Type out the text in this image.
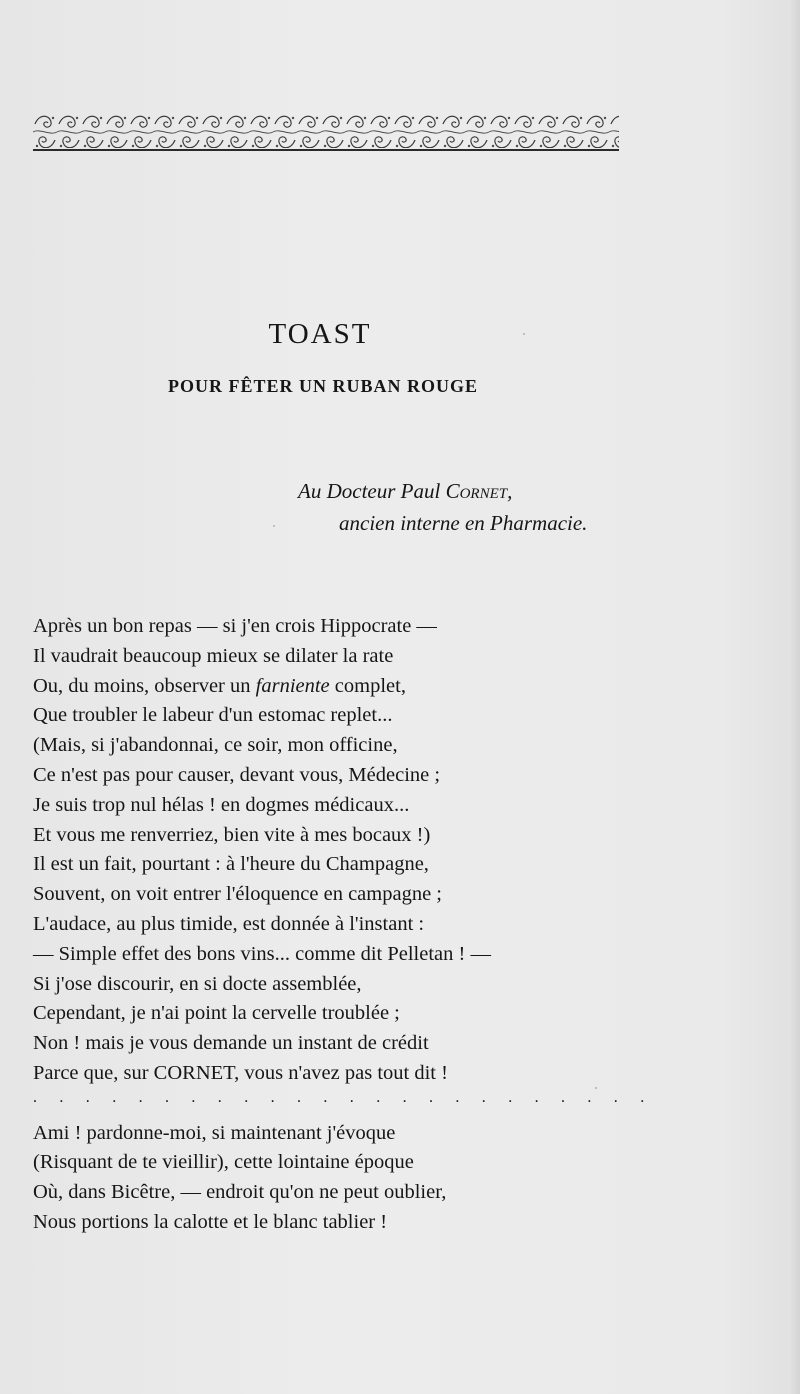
TOAST
POUR FÊTER UN RUBAN ROUGE
Au Docteur Paul Cornet,
ancien interne en Pharmacie.
Après un bon repas — si j'en crois Hippocrate —
Il vaudrait beaucoup mieux se dilater la rate
Ou, du moins, observer un farniente complet,
Que troubler le labeur d'un estomac replet...
(Mais, si j'abandonnai, ce soir, mon officine,
Ce n'est pas pour causer, devant vous, Médecine ;
Je suis trop nul hélas ! en dogmes médicaux...
Et vous me renverriez, bien vite à mes bocaux !)
Il est un fait, pourtant : à l'heure du Champagne,
Souvent, on voit entrer l'éloquence en campagne ;
L'audace, au plus timide, est donnée à l'instant :
— Simple effet des bons vins... comme dit Pelletan ! —
Si j'ose discourir, en si docte assemblée,
Cependant, je n'ai point la cervelle troublée ;
Non ! mais je vous demande un instant de crédit
Parce que, sur CORNET, vous n'avez pas tout dit !
. . . . . . . . . . . . . . . . . . . . . . . .
Ami ! pardonne-moi, si maintenant j'évoque
(Risquant de te vieillir), cette lointaine époque
Où, dans Bicêtre, — endroit qu'on ne peut oublier,
Nous portions la calotte et le blanc tablier !
